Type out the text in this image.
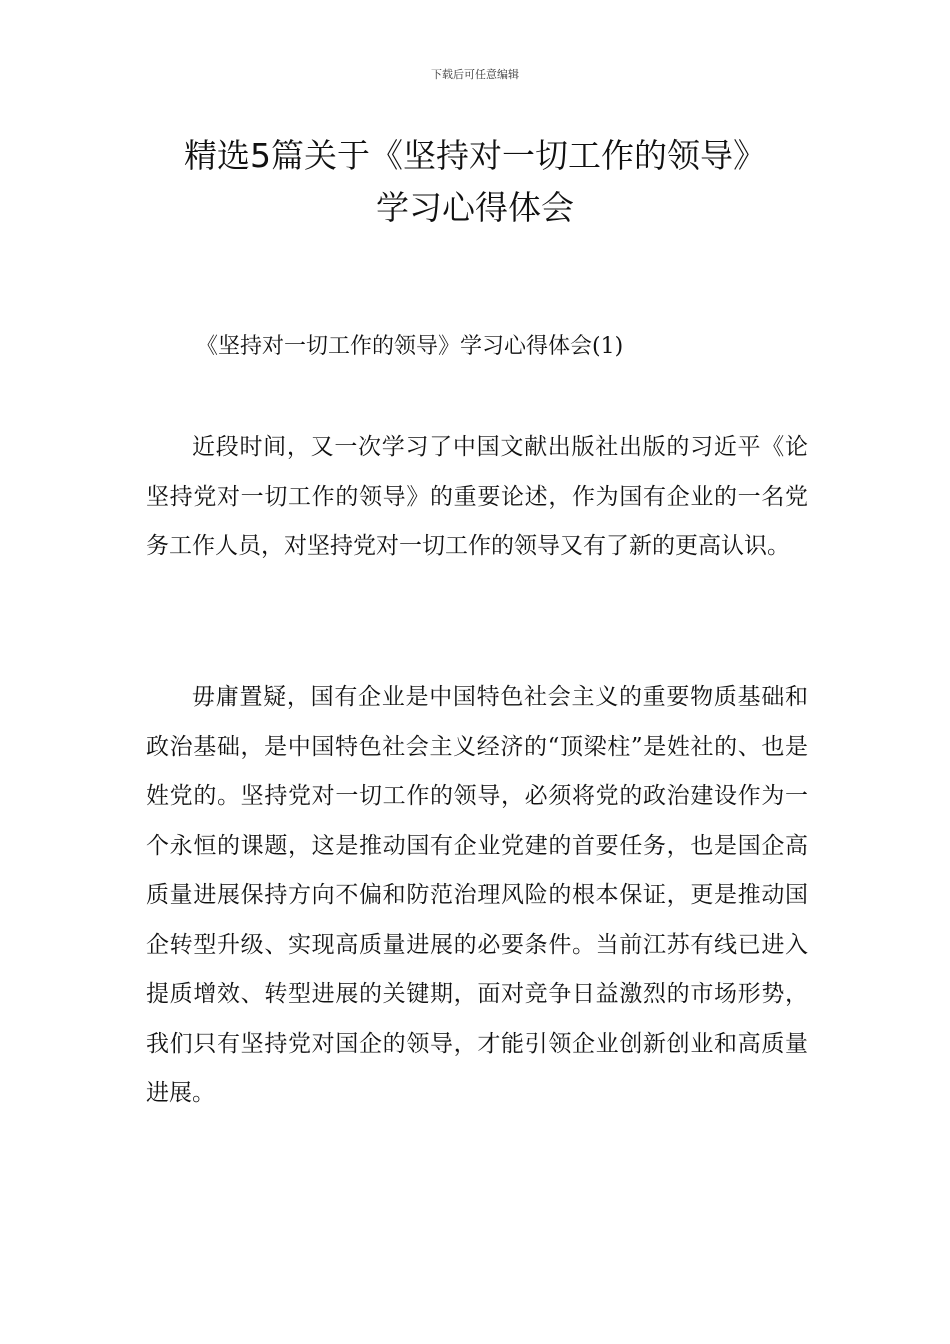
下载后可任意编辑
精选5篇关于《坚持对一切工作的领导》
学习心得体会
《坚持对一切工作的领导》学习心得体会(1)
近段时间，又一次学习了中国文献出版社出版的习近平《论坚持党对一切工作的领导》的重要论述，作为国有企业的一名党务工作人员，对坚持党对一切工作的领导又有了新的更高认识。
毋庸置疑，国有企业是中国特色社会主义的重要物质基础和政治基础，是中国特色社会主义经济的“顶梁柱”是姓社的、也是姓党的。坚持党对一切工作的领导，必须将党的政治建设作为一个永恒的课题，这是推动国有企业党建的首要任务，也是国企高质量进展保持方向不偏和防范治理风险的根本保证，更是推动国企转型升级、实现高质量进展的必要条件。当前江苏有线已进入提质增效、转型进展的关键期，面对竞争日益激烈的市场形势，我们只有坚持党对国企的领导，才能引领企业创新创业和高质量进展。
